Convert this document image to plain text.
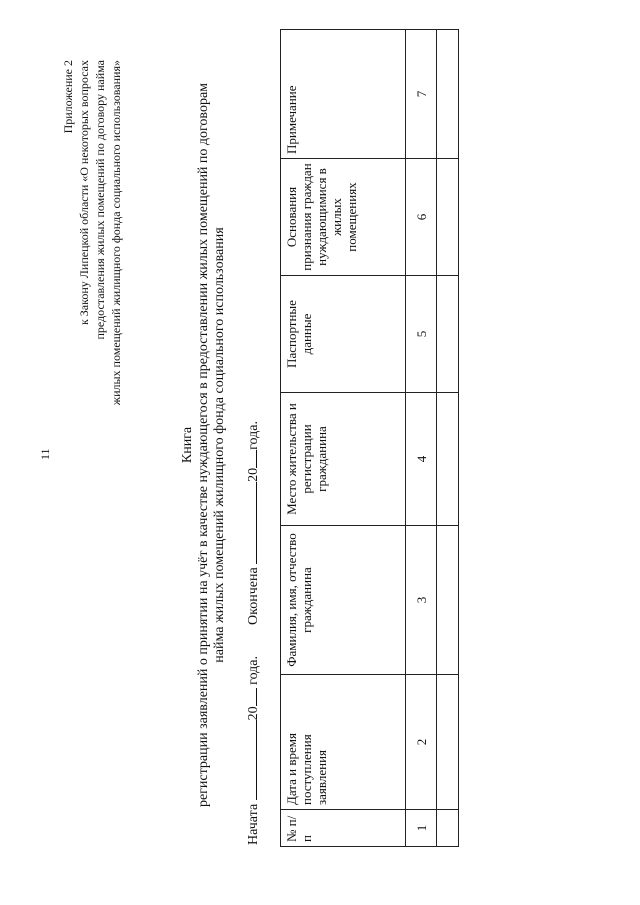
11
Приложение 2 к Закону Липецкой области «О некоторых вопросах предоставления жилых помещений по договору найма жилых помещений жилищного фонда социального использования»
Книга регистрации заявлений о принятии на учёт в качестве нуждающегося в предоставлении жилых помещений по договорам найма жилых помещений жилищного фонда социального использования
Начата 20 года.  Окончена 20года.
№ п/п	Дата и время поступления заявления	Фамилия, имя, отчество гражданина	Место жительства и регистрации гражданина	Паспортные данные	Основания признания граждан нуждающимися в жилых помещениях	Примечание
1	2	3	4	5	6	7
